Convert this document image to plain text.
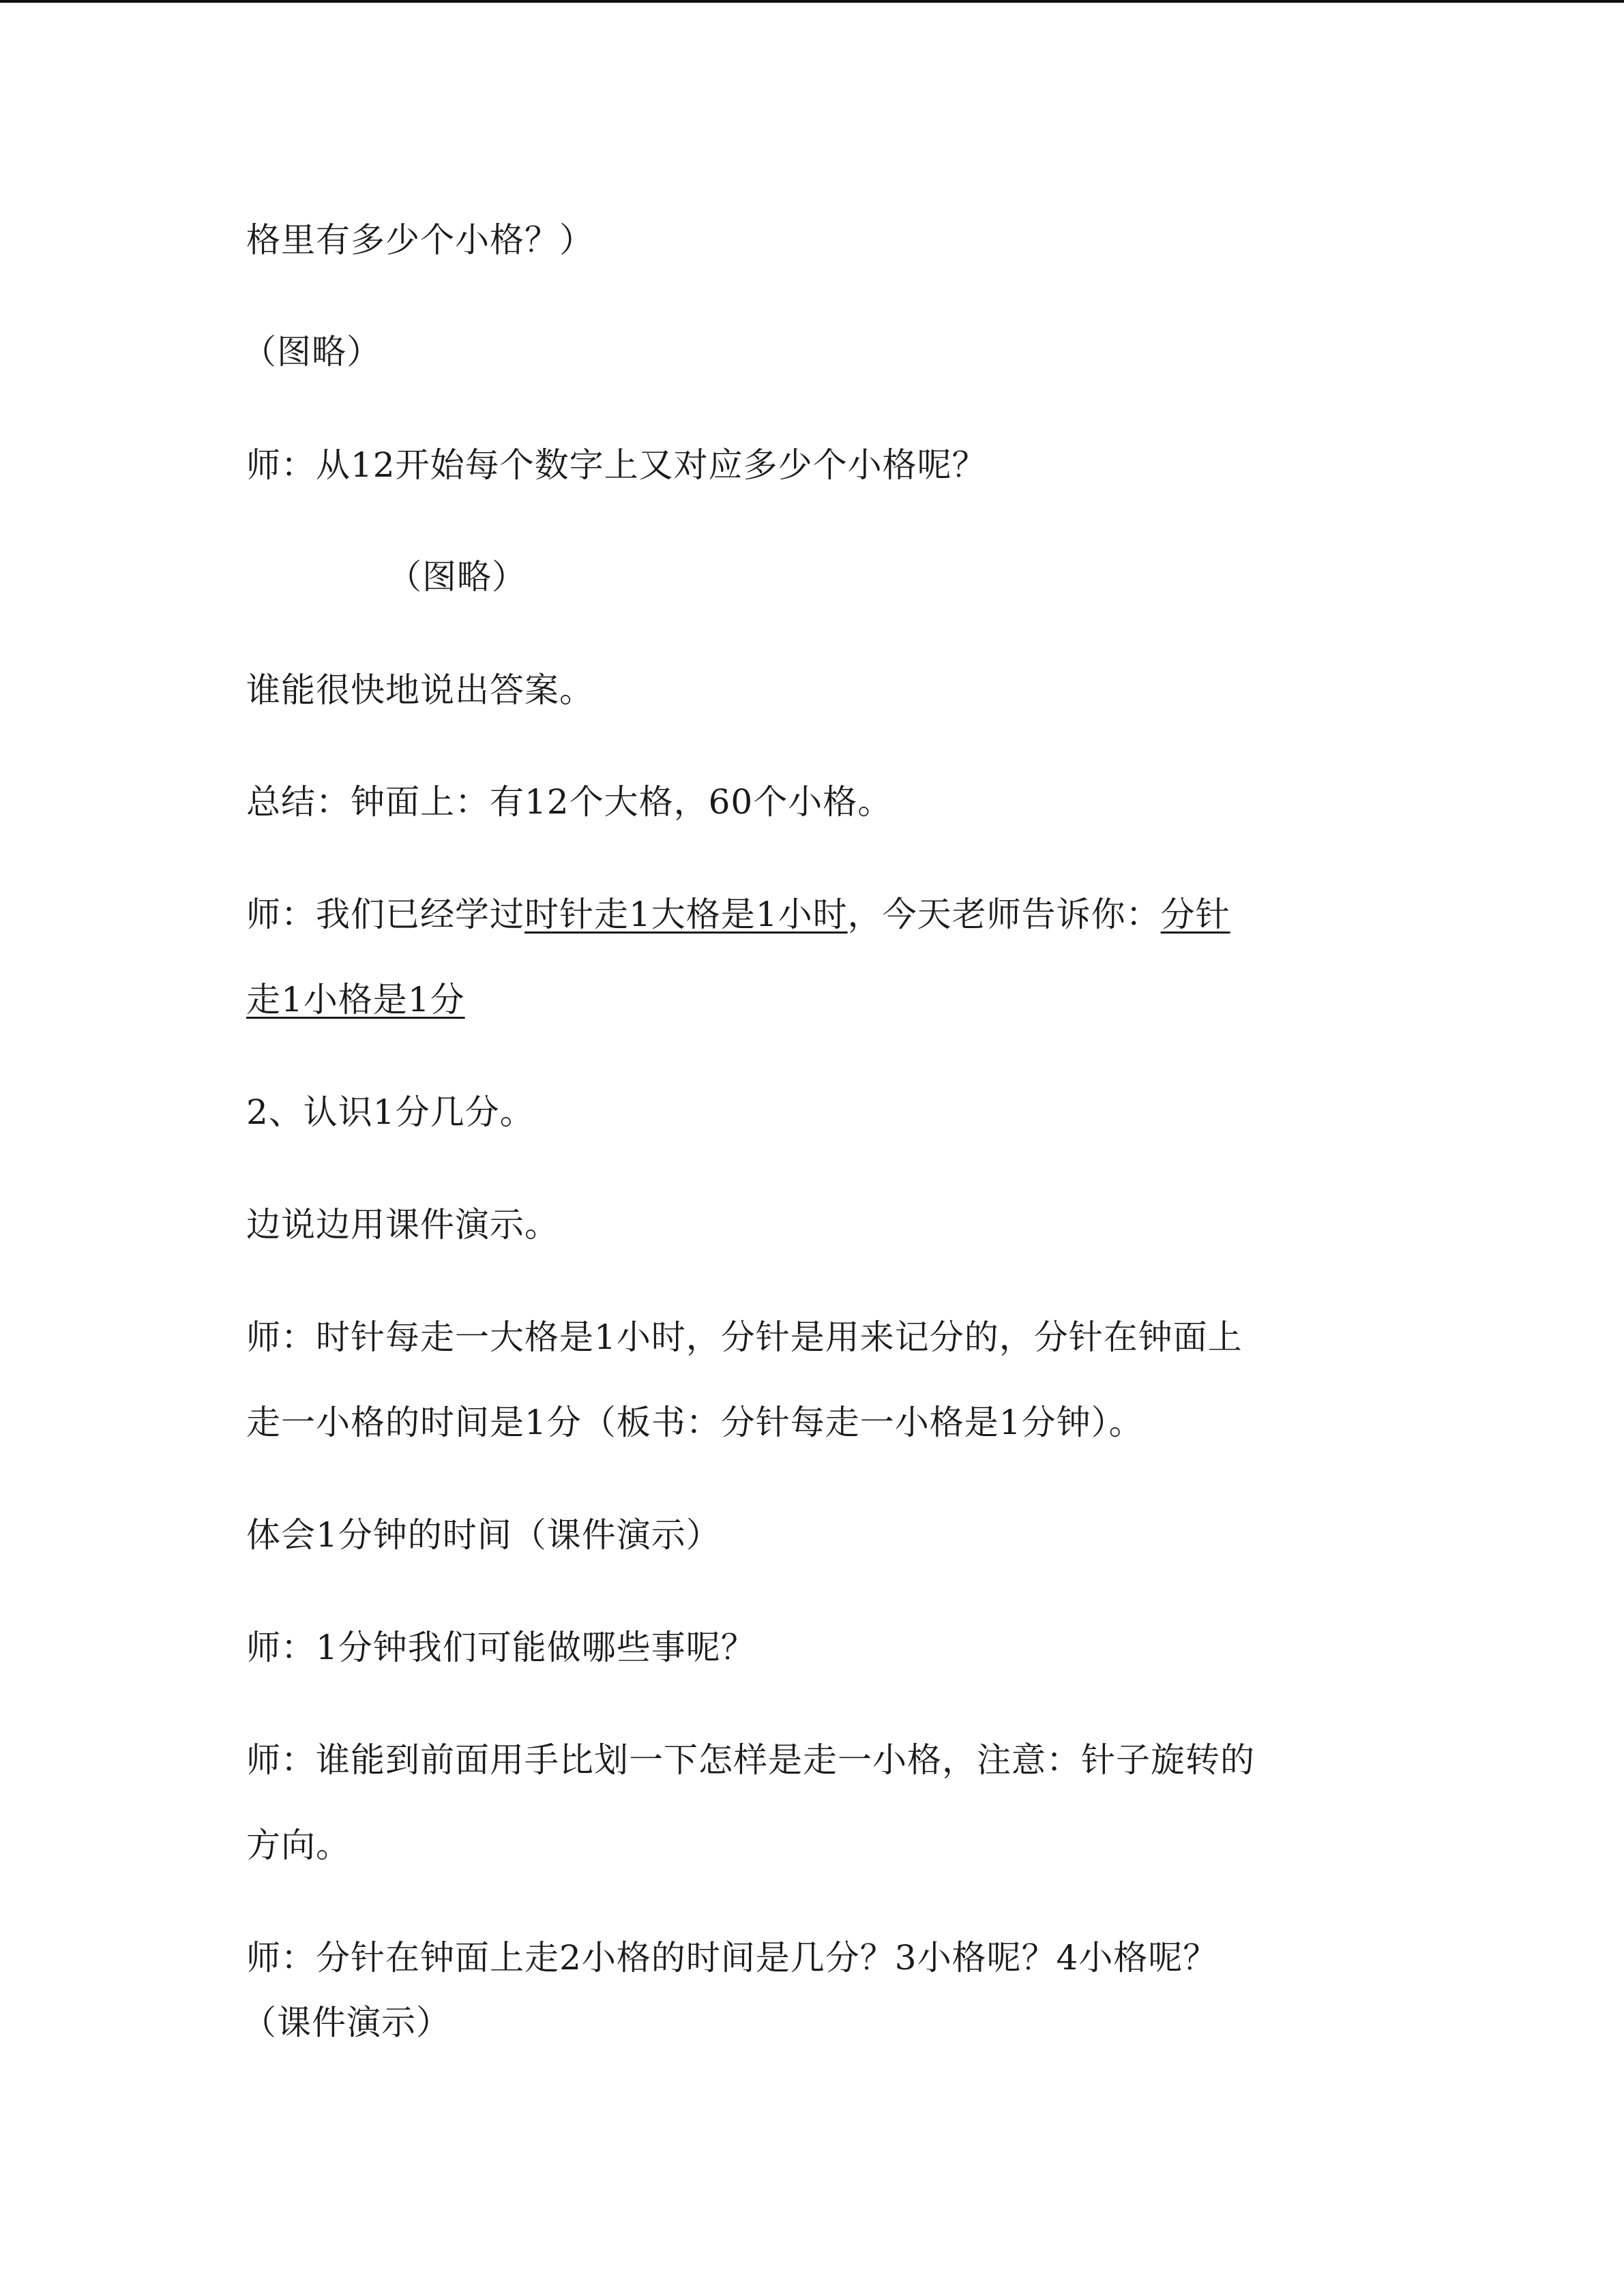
格里有多少个小格？）
（图略）
师：从12开始每个数字上又对应多少个小格呢？
（图略）
谁能很快地说出答案。
总结：钟面上：有12个大格，60个小格。
师：我们已经学过时针走1大格是1小时，今天老师告诉你：分针
走1小格是1分
2、认识1分几分。
边说边用课件演示。
师：时针每走一大格是1小时，分针是用来记分的，分针在钟面上
走一小格的时间是1分（板书：分针每走一小格是1分钟）。
体会1分钟的时间（课件演示）
师：1分钟我们可能做哪些事呢？
师：谁能到前面用手比划一下怎样是走一小格，注意：针子旋转的
方向。
师：分针在钟面上走2小格的时间是几分？3小格呢？4小格呢？
（课件演示）
